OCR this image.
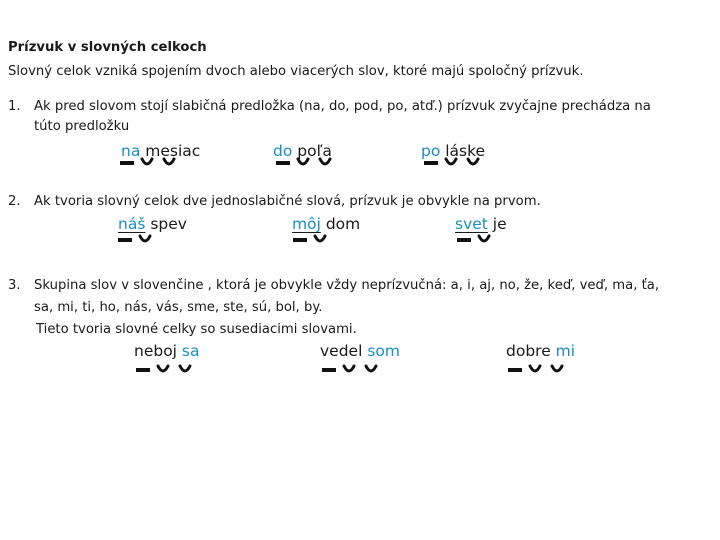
Prízvuk v slovných celkoch
Slovný celok vzniká spojením dvoch alebo viacerých slov, ktoré majú spoločný prízvuk.
1. Ak pred slovom stojí slabičná predložka (na, do, pod, po, atď.) prízvuk zvyčajne prechádza na
túto predložku
na mesiac	do poľa	po láske
2. Ak tvoria slovný celok dve jednoslabičné slová, prízvuk je obvykle na prvom.
náš spev	môj dom	svet je
3. Skupina slov v slovenčine , ktorá je obvykle vždy neprízvučná: a, i, aj, no, že, keď, veď, ma, ťa,
sa, mi, ti, ho, nás, vás, sme, ste, sú, bol, by.
Tieto tvoria slovné celky so susediacimi slovami.
neboj sa	vedel som	dobre mi
